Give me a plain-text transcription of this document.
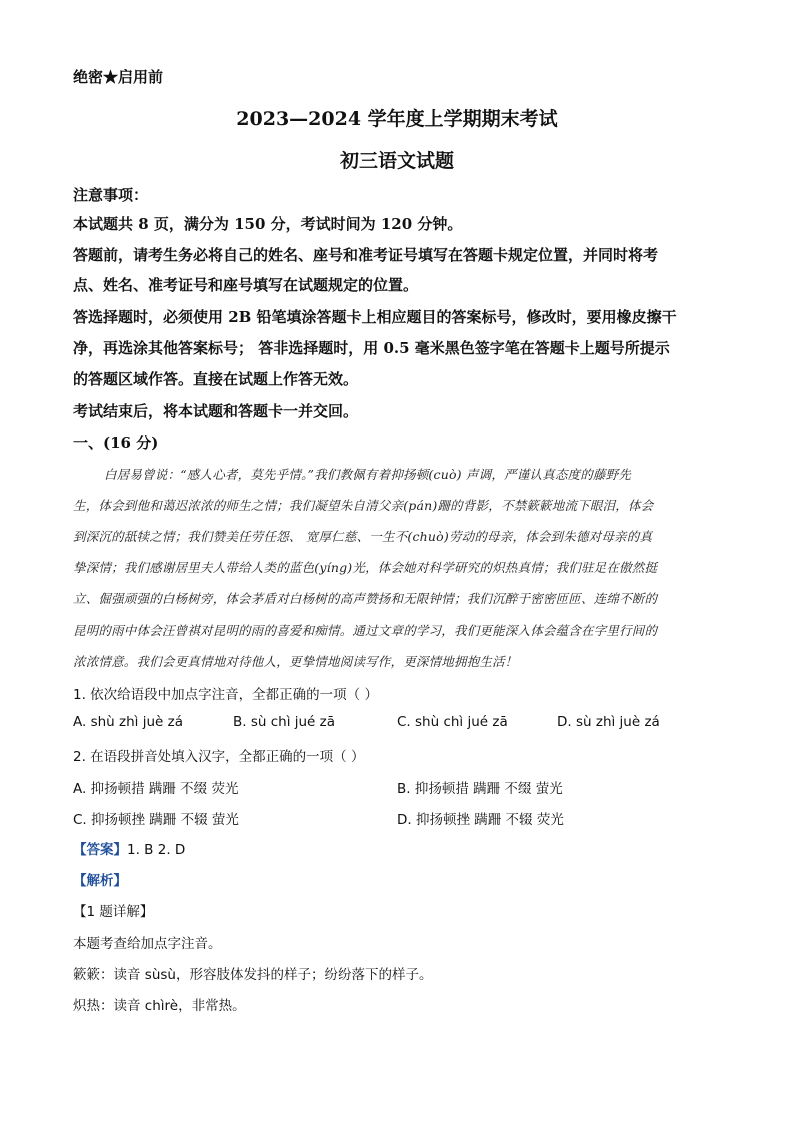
绝密★启用前
2023—2024 学年度上学期期末考试
初三语文试题
注意事项：
本试题共 8 页，满分为 150 分，考试时间为 120 分钟。
答题前，请考生务必将自己的姓名、座号和准考证号填写在答题卡规定位置，并同时将考
点、姓名、准考证号和座号填写在试题规定的位置。
答选择题时，必须使用 2B 铅笔填涂答题卡上相应题目的答案标号，修改时，要用橡皮擦干
净，再选涂其他答案标号； 答非选择题时，用 0.5 毫米黑色签字笔在答题卡上题号所提示
的答题区域作答。直接在试题上作答无效。
考试结束后，将本试题和答题卡一并交回。
一、(16 分)
白居易曾说：“感人心者，莫先乎情。”我们教佩有着抑扬顿(cuò) 声调，严谨认真态度的藤野先
生，体会到他和蔼迟浓浓的师生之情；我们凝望朱自清父亲(pán)跚的背影，不禁簌簌地流下眼泪，体会
到深沉的舐犊之情；我们赞美任劳任怨、 宽厚仁慈、一生不(chuò)劳动的母亲，体会到朱德对母亲的真
挚深情；我们感谢居里夫人带给人类的蓝色(yíng)光，体会她对科学研究的炽热真情；我们驻足在傲然挺
立、倔强顽强的白杨树旁，体会茅盾对白杨树的高声赞扬和无限钟情；我们沉醉于密密匝匝、连绵不断的
昆明的雨中体会汪曾祺对昆明的雨的喜爱和痴情。通过文章的学习，我们更能深入体会蕴含在字里行间的
浓浓情意。我们会更真情地对待他人，更挚情地阅读写作，更深情地拥抱生活！
1. 依次给语段中加点字注音，全都正确的一项（ ）
A. shù zhì juè zá	B. sù chì jué zā	C. shù chì jué zā	D. sù zhì juè zá
2. 在语段拼音处填入汉字，全都正确的一项（ ）
A. 抑扬顿措 蹒跚 不缀 荧光	B. 抑扬顿措 蹒跚 不缀 萤光
C. 抑扬顿挫 蹒跚 不辍 萤光	D. 抑扬顿挫 蹒跚 不辍 荧光
【答案】1. B 2. D
【解析】
【1 题详解】
本题考查给加点字注音。
簌簌：读音 sùsù，形容肢体发抖的样子；纷纷落下的样子。
炽热：读音 chìrè，非常热。
